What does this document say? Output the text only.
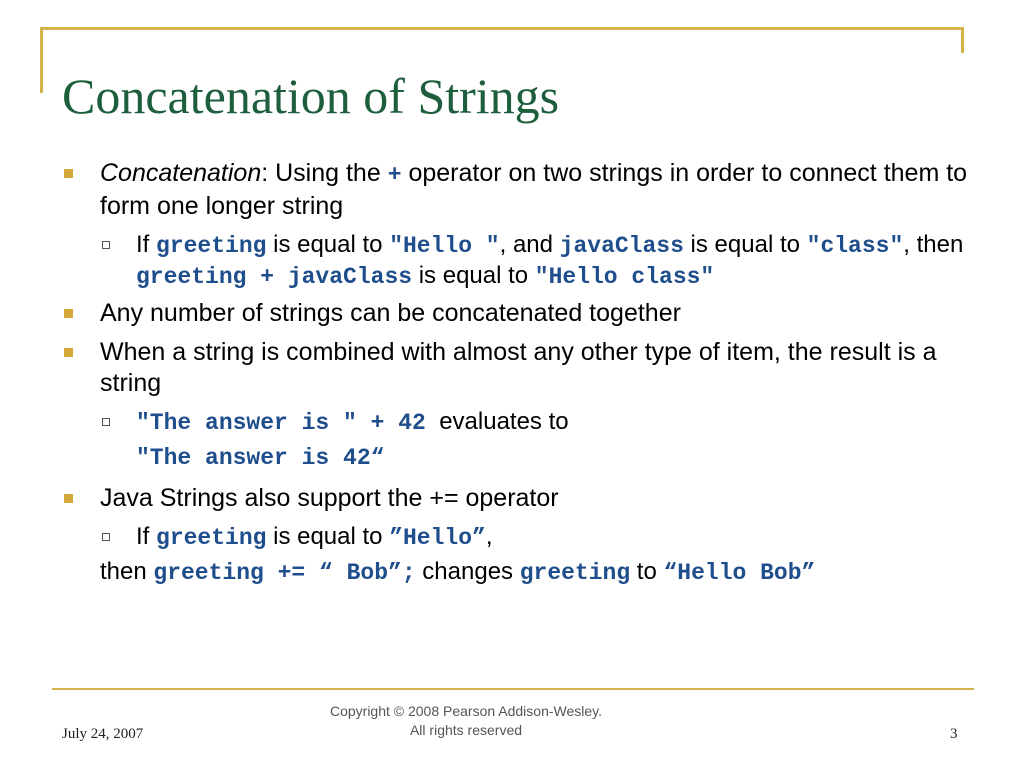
Concatenation of Strings
Concatenation: Using the + operator on two strings in order to connect them to form one longer string
If greeting is equal to "Hello ", and javaClass is equal to "class", then greeting + javaClass is equal to "Hello class"
Any number of strings can be concatenated together
When a string is combined with almost any other type of item, the result is a string
"The answer is " + 42  evaluates to
"The answer is 42“
Java Strings also support the += operator
If greeting is equal to ”Hello”,
then greeting += “ Bob”; changes greeting to “Hello Bob”
July 24, 2007
Copyright © 2008 Pearson Addison-Wesley.
All rights reserved	3
